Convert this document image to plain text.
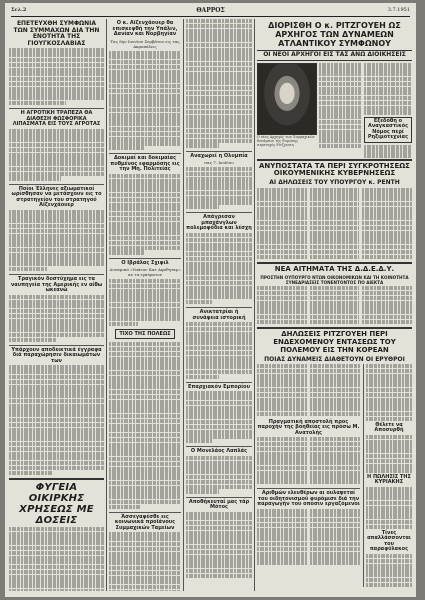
Σελ.2	ΘΑΡΡΟΣ	3.7.1951
ΕΠΕΤΕΥΧΘΗ ΣΥΜΦΩΝΙΑ ΤΩΝ ΣΥΜΜΑΧΩΝ ΔΙΑ ΤΗΝ ΕΝΟΤΗΤΑ ΤΗΣ ΓΙΟΥΓΚΟΣΛΑΒΙΑΣ
Η ΑΓΡΟΤΙΚΗ ΤΡΑΠΕΖΑ ΘΑ ΔΙΑΘΕΣΗ ΦΩΣΦΟΡΙΚΑ ΛΙΠΑΣΜΑΤΑ ΕΙΣ ΤΟΥΣ ΑΓΡΟΤΑΣ
Ποίοι Έλληνες αξιωματικοί ωρίσθησαν να μετάσχουν εις το στρατηγείον του στρατηγού Αϊζενχάουερ
Τραγικόν δυστύχημα εις τα ναυπηγεία της Αμερικής εν αίθω ωκεανώ
Υπάρχουν αποδεικτικά έγγραφα διά παραχώρησιν δικαιωμάτων των
ΦΥΓΕΙΑ ΟΙΚΙΡΚΗΣ ΧΡΗΣΕΩΣ ΜΕ ΔΟΣΕΙΣ
Ο κ. Αϊζενχάουερ θα επισκεφθή την Υπάλιν, Δανίαν και Νορβηγίαν
Τας 8ην Ιουνίου Σεμβάτον εις τας Ακροπόλεις
Δοκιμαί και δοκιμαίας πυθμένος εφαρμόσης εις την Μη. Πολιτείας
Ο Ιβράλας Σχιφιλ
Δυναμικό «Υπάτον Κατ Αφοθηταρ» αν τα εγκύρατον
ΤΙΧΟ ΤΗΣ ΠΟΛΕΩΣ
Άσσεγαφέσθε εις κοινωνικά προϊάνους Συμμαχικών Ταμείων
Αναχωρεί η Ολυμπία
σας 7. Ιουλίου
Απάγρεσαν μπαχάνγλων πολεμοφόδια και λέσχη
Ανικτατρίαι ή συνάφεια ιστορική
Επαρχιακόν Εμπορίου
Ο Μονελάος Λαπλάς
Αποθήκευταί μας τάρ Μότος
ΔΙΟΡΙΣΘΗ Ο κ. ΡΙΤΖΓΟΥΕΗ ΩΣ ΑΡΧΗΓΟΣ ΤΩΝ ΔΥΝΑΜΕΩΝ ΑΤΛΑΝΤΙΚΟΥ ΣΥΜΦΩΝΟΥ
ΟΙ ΝΕΟΙ ΑΡΧΗΓΟΙ ΕΙΣ ΤΑΣ ΑΝΩ ΔΙΟΙΚΗΣΕΙΣ
Ο νέος Αρχηγός των Συμμαχικών δυνάμεων της Ευρώπης στρατηγός Ρίτζγουεη
Εξεδόθη ο Αναγκαστικός Νόμος περί Ρηξιμοτεχνίας
ΑΝΥΠΟΣΤΑΤΑ ΤΑ ΠΕΡΙ ΣΥΓΚΡΟΤΗΣΕΩΣ ΟΙΚΟΥΜΕΝΙΚΗΣ ΚΥΒΕΡΝΗΣΕΩΣ
ΑΙ ΔΗΛΩΣΕΙΣ ΤΟΥ ΥΠΟΥΡΓΟΥ κ. ΡΕΝΤΗ
ΝΕΑ ΑΙΤΗΜΑΤΑ ΤΗΣ Δ.Δ.Ε.Δ.Υ.
ΠΡΟΣΤΗΝ ΟΥΠΟΥΡΓΟ ΝΤΩΝ ΟΙΚΟΝΟΜΙΚΩΝ ΚΑΙ ΤΗ ΚΟΙΝΟΤΗΤΑ ΣΥΝΕΔΡΙΑΣΕΙΣ ΤΟΝΕΝΤΟΝΤΟΣ ΠΟ ΔΙΕΚΤΑ
ΔΗΛΩΣΕΙΣ ΡΙΤΖΓΟΥΕΗ ΠΕΡΙ ΕΝΔΕΧΟΜΕΝΟΥ ΕΝΤΑΣΕΩΣ ΤΟΥ ΠΟΛΕΜΟΥ ΕΙΣ ΤΗΝ ΚΟΡΕΑΝ
ΠΟΙΑΣ ΔΥΝΑΜΕΙΣ ΔΙΑΘΕΤΟΥΝ ΟΙ ΕΡΥΘΡΟΙ
Πραγματική αποστολή προς παροχήν της βοηθείας εις πρόσω Μ. Ανατολής
Αριθμών ελευθέρων αι ουλαψεταί του οιδητονισμού φυρόμισε διά την παραγωγήν του οποσιν εργαζόμενοι
Θέλετε να Αποσυρθή
Η ΠΩΛΗΣΙΣ ΤΗΣ ΚΥΡΙΑΚΗΣ
Τίνες απαλλάσσονται του παραφύλακος
